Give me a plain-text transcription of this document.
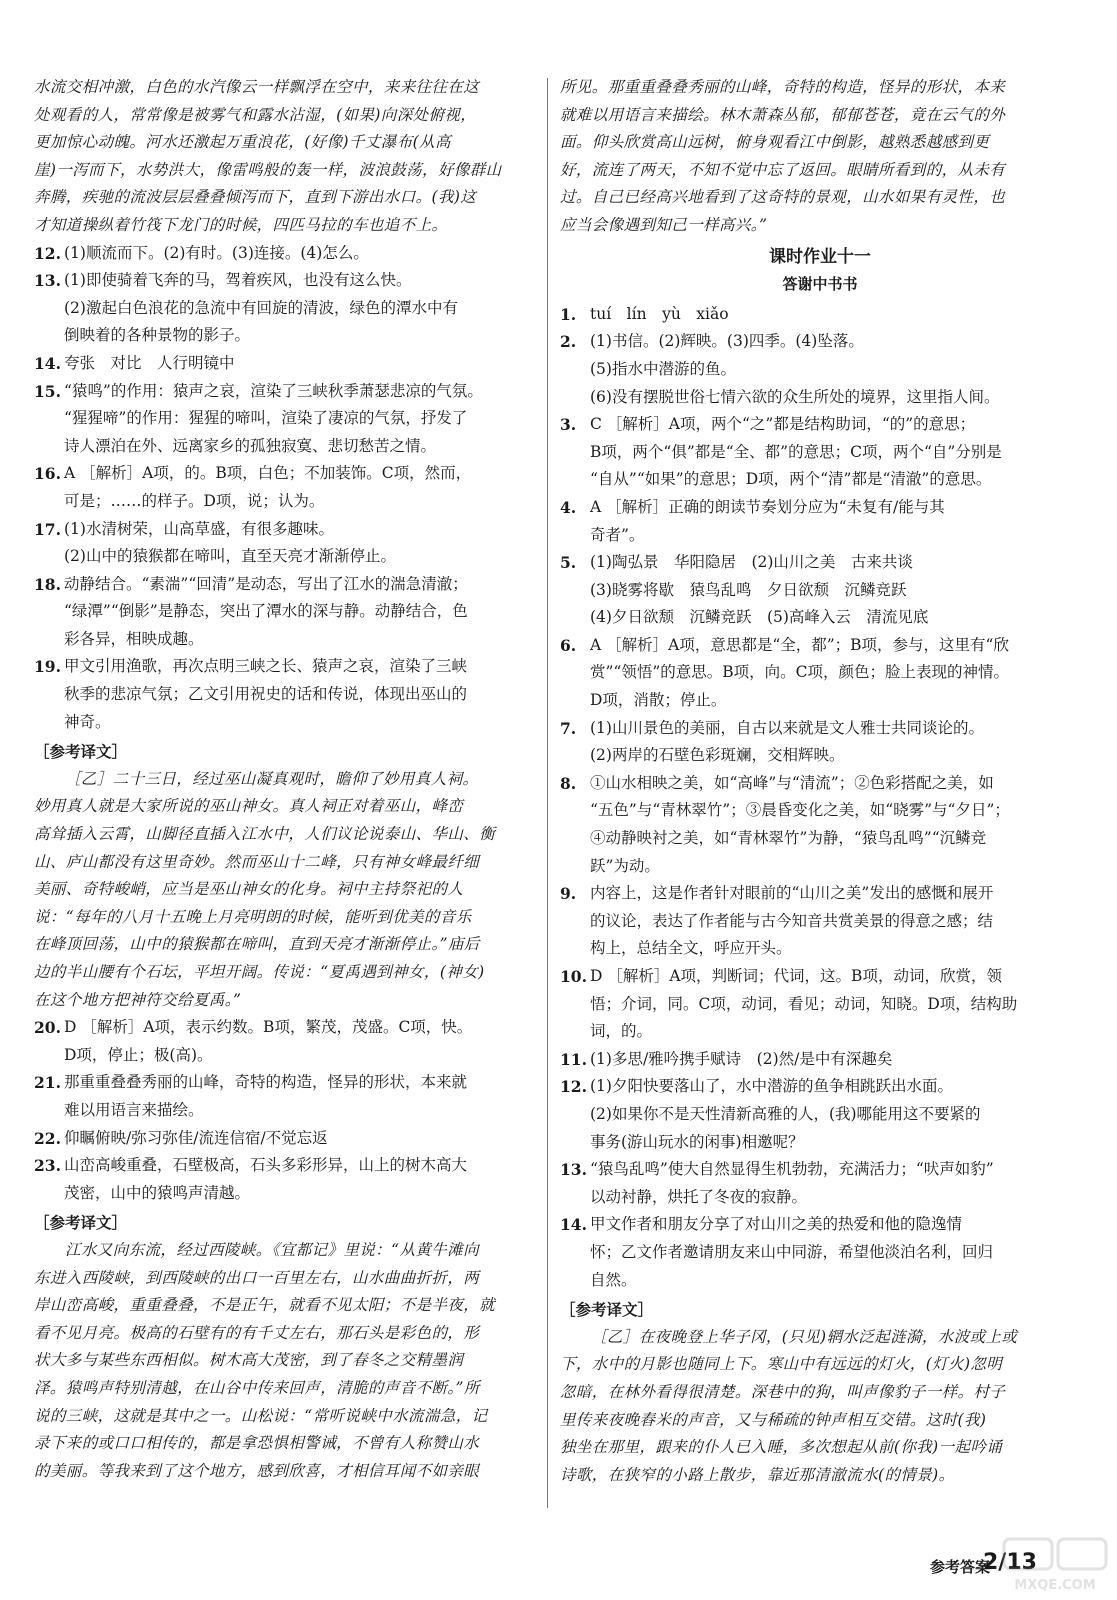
水流交相冲激，白色的水汽像云一样飘浮在空中，来来往往在这
处观看的人，常常像是被雾气和露水沾湿，(如果)向深处俯视，
更加惊心动魄。河水还激起万重浪花，(好像)千丈瀑布(从高
崖)一泻而下，水势洪大，像雷鸣般的轰一样，波浪鼓荡，好像群山
奔腾，疾驰的流波层层叠叠倾泻而下，直到下游出水口。(我)这
才知道操纵着竹筏下龙门的时候，四匹马拉的车也追不上。
12. (1)顺流而下。(2)有时。(3)连接。(4)怎么。
13. (1)即使骑着飞奔的马，驾着疾风，也没有这么快。
(2)激起白色浪花的急流中有回旋的清波，绿色的潭水中有
倒映着的各种景物的影子。
14. 夸张　对比　人行明镜中
15. “猿鸣”的作用：猿声之哀，渲染了三峡秋季萧瑟悲凉的气氛。
“猩猩啼”的作用：猩猩的啼叫，渲染了凄凉的气氛，抒发了
诗人漂泊在外、远离家乡的孤独寂寞、悲切愁苦之情。
16. A ［解析］A项，的。B项，白色；不加装饰。C项，然而，
可是；……的样子。D项，说；认为。
17. (1)水清树荣，山高草盛，有很多趣味。
(2)山中的猿猴都在啼叫，直至天亮才渐渐停止。
18. 动静结合。“素湍”“回清”是动态，写出了江水的湍急清澈；
“绿潭”“倒影”是静态，突出了潭水的深与静。动静结合，色
彩各异，相映成趣。
19. 甲文引用渔歌，再次点明三峡之长、猿声之哀，渲染了三峡
秋季的悲凉气氛；乙文引用祝史的话和传说，体现出巫山的
神奇。
［参考译文］
［乙］二十三日，经过巫山凝真观时，瞻仰了妙用真人祠。
妙用真人就是大家所说的巫山神女。真人祠正对着巫山，峰峦
高耸插入云霄，山脚径直插入江水中，人们议论说泰山、华山、衡
山、庐山都没有这里奇妙。然而巫山十二峰，只有神女峰最纤细
美丽、奇特峻峭，应当是巫山神女的化身。祠中主持祭祀的人
说：“每年的八月十五晚上月亮明朗的时候，能听到优美的音乐
在峰顶回荡，山中的猿猴都在啼叫，直到天亮才渐渐停止。”庙后
边的半山腰有个石坛，平坦开阔。传说：“夏禹遇到神女，(神女)
在这个地方把神符交给夏禹。”
20. D ［解析］A项，表示约数。B项，繁茂，茂盛。C项，快。
D项，停止；极(高)。
21. 那重重叠叠秀丽的山峰，奇特的构造，怪异的形状，本来就
难以用语言来描绘。
22. 仰瞩俯映/弥习弥佳/流连信宿/不觉忘返
23. 山峦高峻重叠，石壁极高，石头多彩形异，山上的树木高大
茂密，山中的猿鸣声清越。
［参考译文］
江水又向东流，经过西陵峡。《宜都记》里说：“从黄牛滩向
东进入西陵峡，到西陵峡的出口一百里左右，山水曲曲折折，两
岸山峦高峻，重重叠叠，不是正午，就看不见太阳；不是半夜，就
看不见月亮。极高的石壁有的有千丈左右，那石头是彩色的，形
状大多与某些东西相似。树木高大茂密，到了春冬之交精墨润
泽。猿鸣声特别清越，在山谷中传来回声，清脆的声音不断。”所
说的三峡，这就是其中之一。山松说：“常听说峡中水流湍急，记
录下来的或口口相传的，都是拿恐惧相警诫，不曾有人称赞山水
的美丽。等我来到了这个地方，感到欣喜，才相信耳闻不如亲眼
所见。那重重叠叠秀丽的山峰，奇特的构造，怪异的形状，本来
就难以用语言来描绘。林木萧森丛郁，郁郁苍苍，竟在云气的外
面。仰头欣赏高山远树，俯身观看江中倒影，越熟悉越感到更
好，流连了两天，不知不觉中忘了返回。眼睛所看到的，从未有
过。自己已经高兴地看到了这奇特的景观，山水如果有灵性，也
应当会像遇到知己一样高兴。”
课时作业十一
答谢中书书
1. tuí　lín　yù　xiǎo
2. (1)书信。(2)辉映。(3)四季。(4)坠落。
(5)指水中潜游的鱼。
(6)没有摆脱世俗七情六欲的众生所处的境界，这里指人间。
3. C ［解析］A项，两个“之”都是结构助词，“的”的意思；
B项，两个“俱”都是“全、都”的意思；C项，两个“自”分别是
“自从”“如果”的意思；D项，两个“清”都是“清澈”的意思。
4. A ［解析］正确的朗读节奏划分应为“未复有/能与其
奇者”。
5. (1)陶弘景　华阳隐居　(2)山川之美　古来共谈
(3)晓雾将歇　猿鸟乱鸣　夕日欲颓　沉鳞竞跃
(4)夕日欲颓　沉鳞竞跃　(5)高峰入云　清流见底
6. A ［解析］A项，意思都是“全，都”；B项，参与，这里有“欣
赏”“领悟”的意思。B项，向。C项，颜色；脸上表现的神情。
D项，消散；停止。
7. (1)山川景色的美丽，自古以来就是文人雅士共同谈论的。
(2)两岸的石壁色彩斑斓，交相辉映。
8. ①山水相映之美，如“高峰”与“清流”；②色彩搭配之美，如
“五色”与“青林翠竹”；③晨昏变化之美，如“晓雾”与“夕日”；
④动静映衬之美，如“青林翠竹”为静，“猿鸟乱鸣”“沉鳞竞
跃”为动。
9. 内容上，这是作者针对眼前的“山川之美”发出的感慨和展开
的议论，表达了作者能与古今知音共赏美景的得意之感；结
构上，总结全文，呼应开头。
10. D ［解析］A项，判断词；代词，这。B项，动词，欣赏，领
悟；介词，同。C项，动词，看见；动词，知晓。D项，结构助
词，的。
11. (1)多思/雅吟携手赋诗　(2)然/是中有深趣矣
12. (1)夕阳快要落山了，水中潜游的鱼争相跳跃出水面。
(2)如果你不是天性清新高雅的人，(我)哪能用这不要紧的
事务(游山玩水的闲事)相邀呢？
13. “猿鸟乱鸣”使大自然显得生机勃勃，充满活力；“吠声如豹”
以动衬静，烘托了冬夜的寂静。
14. 甲文作者和朋友分享了对山川之美的热爱和他的隐逸情
怀；乙文作者邀请朋友来山中同游，希望他淡泊名利，回归
自然。
［参考译文］
［乙］在夜晚登上华子冈，(只见)辋水泛起涟漪，水波或上或
下，水中的月影也随同上下。寒山中有远远的灯火，(灯火)忽明
忽暗，在林外看得很清楚。深巷中的狗，叫声像豹子一样。村子
里传来夜晚舂米的声音，又与稀疏的钟声相互交错。这时(我)
独坐在那里，跟来的仆人已入睡，多次想起从前(你我)一起吟诵
诗歌，在狭窄的小路上散步，靠近那清澈流水(的情景)。
参考答案
2/13
MXQE.COM
